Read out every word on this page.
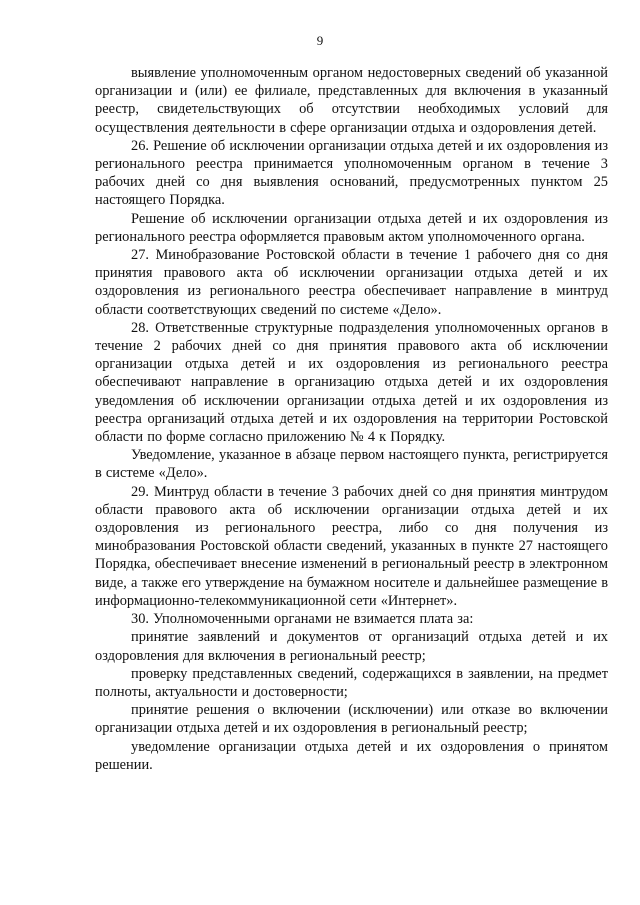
9

выявление уполномоченным органом недостоверных сведений об указанной организации и (или) ее филиале, представленных для включения в указанный реестр, свидетельствующих об отсутствии необходимых условий для осуществления деятельности в сфере организации отдыха и оздоровления детей.

26. Решение об исключении организации отдыха детей и их оздоровления из регионального реестра принимается уполномоченным органом в течение 3 рабочих дней со дня выявления оснований, предусмотренных пунктом 25 настоящего Порядка.

Решение об исключении организации отдыха детей и их оздоровления из регионального реестра оформляется правовым актом уполномоченного органа.

27. Минобразование Ростовской области в течение 1 рабочего дня со дня принятия правового акта об исключении организации отдыха детей и их оздоровления из регионального реестра обеспечивает направление в минтруд области соответствующих сведений по системе «Дело».

28. Ответственные структурные подразделения уполномоченных органов в течение 2 рабочих дней со дня принятия правового акта об исключении организации отдыха детей и их оздоровления из регионального реестра обеспечивают направление в организацию отдыха детей и их оздоровления уведомления об исключении организации отдыха детей и их оздоровления из реестра организаций отдыха детей и их оздоровления на территории Ростовской области по форме согласно приложению № 4 к Порядку.

Уведомление, указанное в абзаце первом настоящего пункта, регистрируется в системе «Дело».

29. Минтруд области в течение 3 рабочих дней со дня принятия минтрудом области правового акта об исключении организации отдыха детей и их оздоровления из регионального реестра, либо со дня получения из минобразования Ростовской области сведений, указанных в пункте 27 настоящего Порядка, обеспечивает внесение изменений в региональный реестр в электронном виде, а также его утверждение на бумажном носителе и дальнейшее размещение в информационно-телекоммуникационной сети «Интернет».

30. Уполномоченными органами не взимается плата за:

принятие заявлений и документов от организаций отдыха детей и их оздоровления для включения в региональный реестр;

проверку представленных сведений, содержащихся в заявлении, на предмет полноты, актуальности и достоверности;

принятие решения о включении (исключении) или отказе во включении организации отдыха детей и их оздоровления в региональный реестр;

уведомление организации отдыха детей и их оздоровления о принятом решении.
